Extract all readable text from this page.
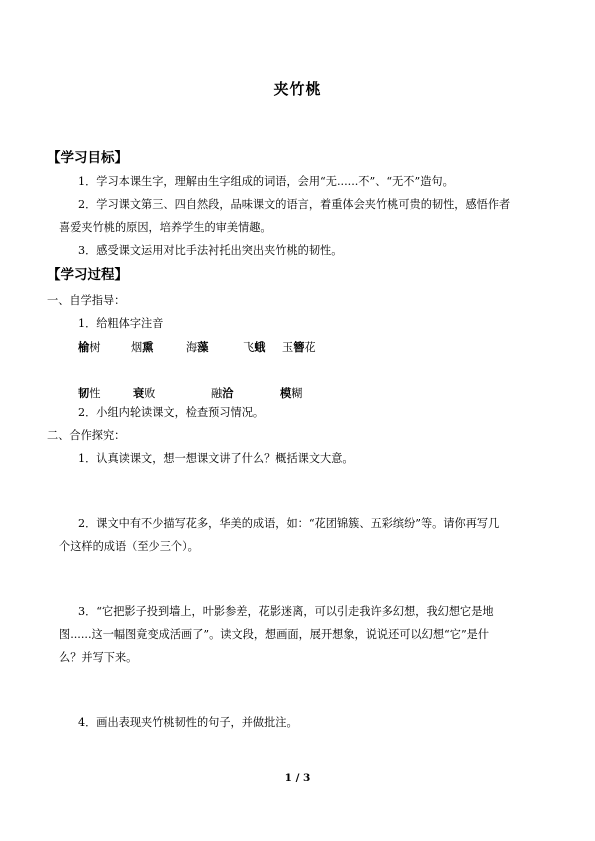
夹竹桃
【学习目标】
1．学习本课生字，理解由生字组成的词语，会用“无......不”、“无不”造句。
2．学习课文第三、四自然段，品味课文的语言，着重体会夹竹桃可贵的韧性，感悟作者
喜爱夹竹桃的原因，培养学生的审美情趣。
3．感受课文运用对比手法衬托出突出夹竹桃的韧性。
【学习过程】
一、自学指导：
1．给粗体字注音
榆树	烟熏	海藻	飞蛾 玉簪花
韧性	衰败	融洽	模糊
2．小组内轮读课文，检查预习情况。
二、合作探究：
1．认真读课文，想一想课文讲了什么？概括课文大意。
2．课文中有不少描写花多，华美的成语，如：“花团锦簇、五彩缤纷”等。请你再写几
个这样的成语（至少三个）。
3．“它把影子投到墙上，叶影参差，花影迷离，可以引走我许多幻想，我幻想它是地
图......这一幅图竟变成活画了”。读文段，想画面，展开想象，说说还可以幻想“它”是什
么？并写下来。
4．画出表现夹竹桃韧性的句子，并做批注。
1 / 3
